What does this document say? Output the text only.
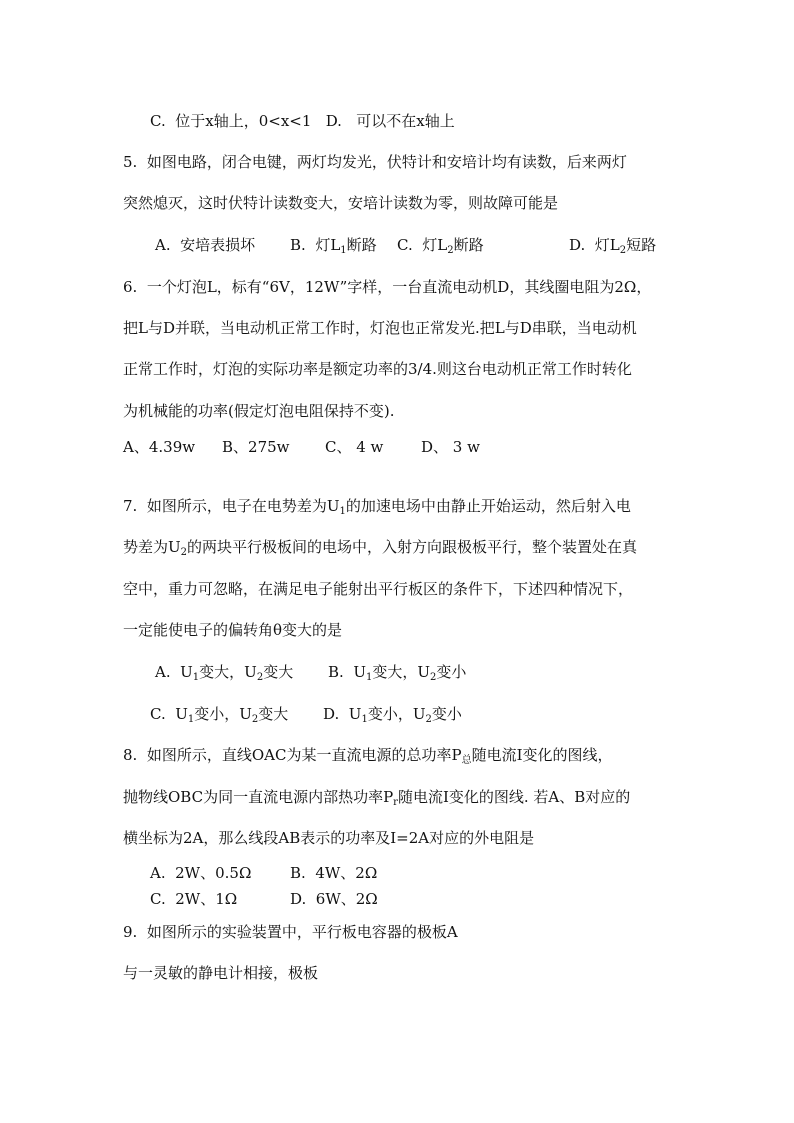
C.  位于x轴上，0<x<1   D.   可以不在x轴上
5.  如图电路，闭合电键，两灯均发光，伏特计和安培计均有读数，后来两灯
突然熄灭，这时伏特计读数变大，安培计读数为零，则故障可能是
A.  安培表损坏 B.  灯$L_1$断路 C.  灯$L_2$断路	D.  灯$L_2$短路
6.  一个灯泡L，标有“6V，12W”字样，一台直流电动机D，其线圈电阻为2Ω，
把L与D并联，当电动机正常工作时，灯泡也正常发光.把L与D串联，当电动机
正常工作时，灯泡的实际功率是额定功率的3/4.则这台电动机正常工作时转化
为机械能的功率(假定灯泡电阻保持不变).
A、4.39w B、275w C、 4 w	D、 3 w
7.  如图所示，电子在电势差为$U_1$的加速电场中由静止开始运动，然后射入电
势差为$U_2$的两块平行极板间的电场中，入射方向跟极板平行，整个装置处在真
空中，重力可忽略，在满足电子能射出平行板区的条件下，下述四种情况下，
一定能使电子的偏转角θ变大的是
A.  $U_1$变大，$U_2$变大 B.  $U_1$变大，$U_2$变小
C.  $U_1$变小，$U_2$变大 D.  $U_1$变小，$U_2$变小
8.  如图所示，直线OAC为某一直流电源的总功率$P_总$随电流Ⅰ变化的图线，
抛物线OBC为同一直流电源内部热功率$P_r$随电流I变化的图线. 若A、B对应的
横坐标为2A，那么线段AB表示的功率及I=2A对应的外电阻是
A.  2W、0.5Ω	B.  4W、2Ω
C.  2W、1Ω	D.  6W、2Ω
9.  如图所示的实验装置中，平行板电容器的极板A
与一灵敏的静电计相接，极板
